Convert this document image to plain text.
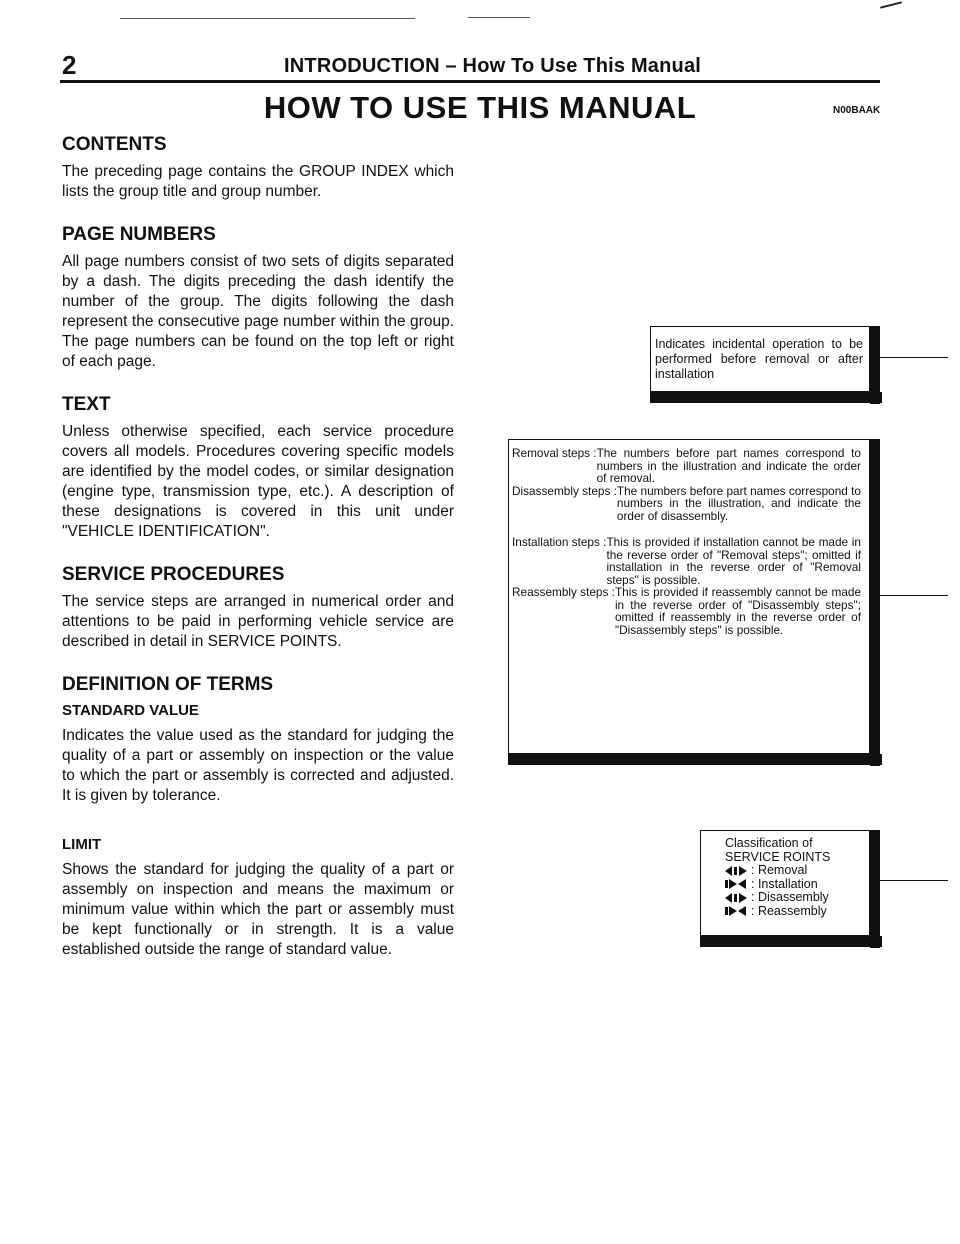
2	INTRODUCTION – How To Use This Manual
HOW TO USE THIS MANUAL	N00BAAK
CONTENTS

The preceding page contains the GROUP INDEX which lists the group title and group number.

PAGE NUMBERS

All page numbers consist of two sets of digits separated by a dash. The digits preceding the dash identify the number of the group. The digits following the dash represent the consecutive page number within the group. The page numbers can be found on the top left or right of each page.

TEXT

Unless otherwise specified, each service procedure covers all models. Procedures covering specific models are identified by the model codes, or similar designation (engine type, transmission type, etc.). A description of these designations is covered in this unit under "VEHICLE IDENTIFICATION".

SERVICE PROCEDURES

The service steps are arranged in numerical order and attentions to be paid in performing vehicle service are described in detail in SERVICE POINTS.

DEFINITION OF TERMS
STANDARD VALUE

Indicates the value used as the standard for judging the quality of a part or assembly on inspection or the value to which the part or assembly is corrected and adjusted. It is given by tolerance.

LIMIT

Shows the standard for judging the quality of a part or assembly on inspection and means the maximum or minimum value within which the part or assembly must be kept functionally or in strength. It is a value established outside the range of standard value.

Indicates incidental operation to be performed before removal or after installation
Removal steps : The numbers before part names correspond to numbers in the illustration and indicate the order of removal.
Disassembly steps : The numbers before part names correspond to numbers in the illustration, and indicate the order of disassembly.
Installation steps : This is provided if installation cannot be made in the reverse order of "Removal steps"; omitted if installation in the reverse order of "Removal steps" is possible.
Reassembly steps : This is provided if reassembly cannot be made in the reverse order of "Disassembly steps"; omitted if reassembly in the reverse order of "Disassembly steps" is possible.
Classification of
SERVICE ROINTS
: Removal
: Installation
: Disassembly
: Reassembly
